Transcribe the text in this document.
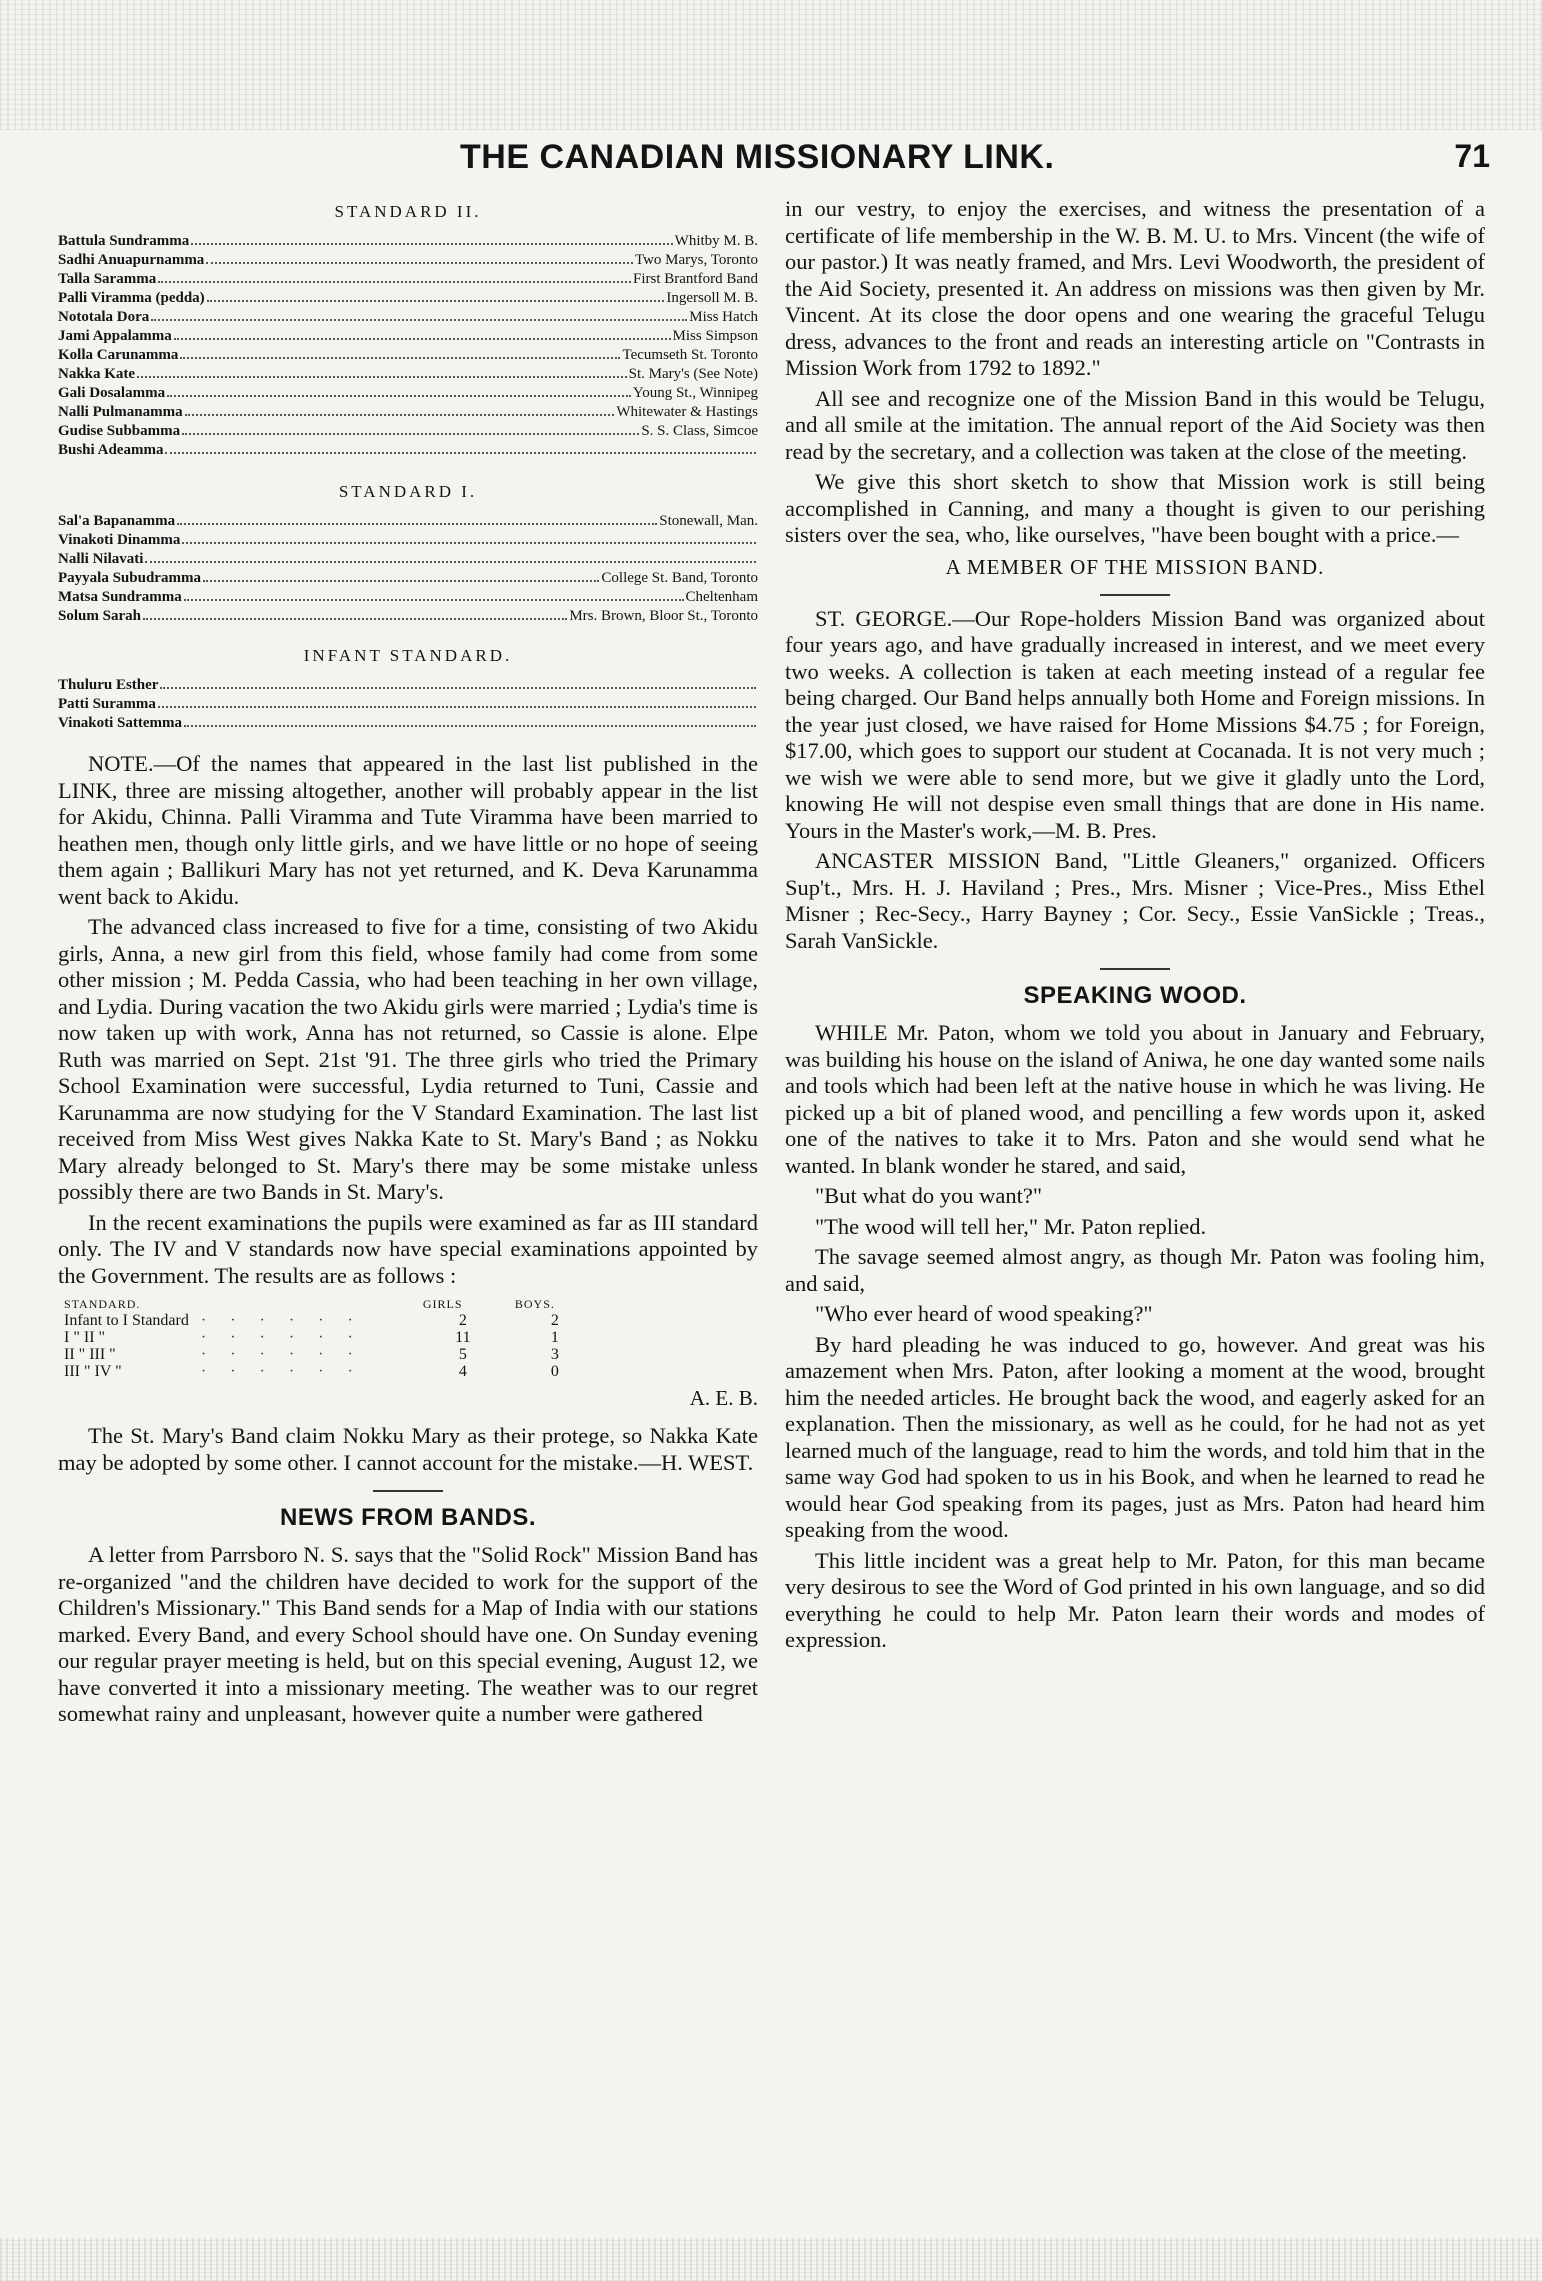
THE CANADIAN MISSIONARY LINK.	71
STANDARD II.
Battula Sundramma	Whitby M. B.
Sadhi Anuapurnamma	Two Marys, Toronto
Talla Saramma	First Brantford Band
Palli Viramma (pedda)	Ingersoll M. B.
Nototala Dora	Miss Hatch
Jami Appalamma	Miss Simpson
Kolla Carunamma	Tecumseth St. Toronto
Nakka Kate	St. Mary's (See Note)
Gali Dosalamma	Young St., Winnipeg
Nalli Pulmanamma	Whitewater & Hastings
Gudise Subbamma	S. S. Class, Simcoe
Bushi Adeamma
STANDARD I.
Sal'a Bapanamma	Stonewall, Man.
Vinakoti Dinamma
Nalli Nilavati
Payyala Subudramma	College St. Band, Toronto
Matsa Sundramma	Cheltenham
Solum Sarah	Mrs. Brown, Bloor St., Toronto
INFANT STANDARD.
Thuluru Esther
Patti Suramma
Vinakoti Sattemma

NOTE.—Of the names that appeared in the last list published in the LINK, three are missing altogether, another will probably appear in the list for Akidu, Chinna. Palli Viramma and Tute Viramma have been married to heathen men, though only little girls, and we have little or no hope of seeing them again ; Ballikuri Mary has not yet returned, and K. Deva Karunamma went back to Akidu.

The advanced class increased to five for a time, consisting of two Akidu girls, Anna, a new girl from this field, whose family had come from some other mission ; M. Pedda Cassia, who had been teaching in her own village, and Lydia. During vacation the two Akidu girls were married ; Lydia's time is now taken up with work, Anna has not returned, so Cassie is alone. Elpe Ruth was married on Sept. 21st '91. The three girls who tried the Primary School Examination were successful, Lydia returned to Tuni, Cassie and Karunamma are now studying for the V Standard Examination. The last list received from Miss West gives Nakka Kate to St. Mary's Band ; as Nokku Mary already belonged to St. Mary's there may be some mistake unless possibly there are two Bands in St. Mary's.

In the recent examinations the pupils were examined as far as III standard only. The IV and V standards now have special examinations appointed by the Government. The results are as follows :

STANDARD.		GIRLS	BOYS.
Infant to I Standard	· · · · · ·	2	2
I " II "	· · · · · ·	11	1
II " III "	· · · · · ·	5	3
III " IV "	· · · · · ·	4	0
A. E. B.

The St. Mary's Band claim Nokku Mary as their protege, so Nakka Kate may be adopted by some other. I cannot account for the mistake.—H. WEST.

NEWS FROM BANDS.

A letter from Parrsboro N. S. says that the "Solid Rock" Mission Band has re-organized "and the children have decided to work for the support of the Children's Missionary." This Band sends for a Map of India with our stations marked. Every Band, and every School should have one. On Sunday evening our regular prayer meeting is held, but on this special evening, August 12, we have converted it into a missionary meeting. The weather was to our regret somewhat rainy and unpleasant, however quite a number were gathered

in our vestry, to enjoy the exercises, and witness the presentation of a certificate of life membership in the W. B. M. U. to Mrs. Vincent (the wife of our pastor.) It was neatly framed, and Mrs. Levi Woodworth, the president of the Aid Society, presented it. An address on missions was then given by Mr. Vincent. At its close the door opens and one wearing the graceful Telugu dress, advances to the front and reads an interesting article on "Contrasts in Mission Work from 1792 to 1892."

All see and recognize one of the Mission Band in this would be Telugu, and all smile at the imitation. The annual report of the Aid Society was then read by the secretary, and a collection was taken at the close of the meeting.

We give this short sketch to show that Mission work is still being accomplished in Canning, and many a thought is given to our perishing sisters over the sea, who, like ourselves, "have been bought with a price.—

A MEMBER OF THE MISSION BAND.

ST. GEORGE.—Our Rope-holders Mission Band was organized about four years ago, and have gradually increased in interest, and we meet every two weeks. A collection is taken at each meeting instead of a regular fee being charged. Our Band helps annually both Home and Foreign missions. In the year just closed, we have raised for Home Missions $4.75 ; for Foreign, $17.00, which goes to support our student at Cocanada. It is not very much ; we wish we were able to send more, but we give it gladly unto the Lord, knowing He will not despise even small things that are done in His name. Yours in the Master's work,—M. B. Pres.

ANCASTER MISSION Band, "Little Gleaners," organized. Officers Sup't., Mrs. H. J. Haviland ; Pres., Mrs. Misner ; Vice-Pres., Miss Ethel Misner ; Rec-Secy., Harry Bayney ; Cor. Secy., Essie VanSickle ; Treas., Sarah VanSickle.

SPEAKING WOOD.

WHILE Mr. Paton, whom we told you about in January and February, was building his house on the island of Aniwa, he one day wanted some nails and tools which had been left at the native house in which he was living. He picked up a bit of planed wood, and pencilling a few words upon it, asked one of the natives to take it to Mrs. Paton and she would send what he wanted. In blank wonder he stared, and said,

"But what do you want?"

"The wood will tell her," Mr. Paton replied.

The savage seemed almost angry, as though Mr. Paton was fooling him, and said,

"Who ever heard of wood speaking?"

By hard pleading he was induced to go, however. And great was his amazement when Mrs. Paton, after looking a moment at the wood, brought him the needed articles. He brought back the wood, and eagerly asked for an explanation. Then the missionary, as well as he could, for he had not as yet learned much of the language, read to him the words, and told him that in the same way God had spoken to us in his Book, and when he learned to read he would hear God speaking from its pages, just as Mrs. Paton had heard him speaking from the wood.

This little incident was a great help to Mr. Paton, for this man became very desirous to see the Word of God printed in his own language, and so did everything he could to help Mr. Paton learn their words and modes of expression.
